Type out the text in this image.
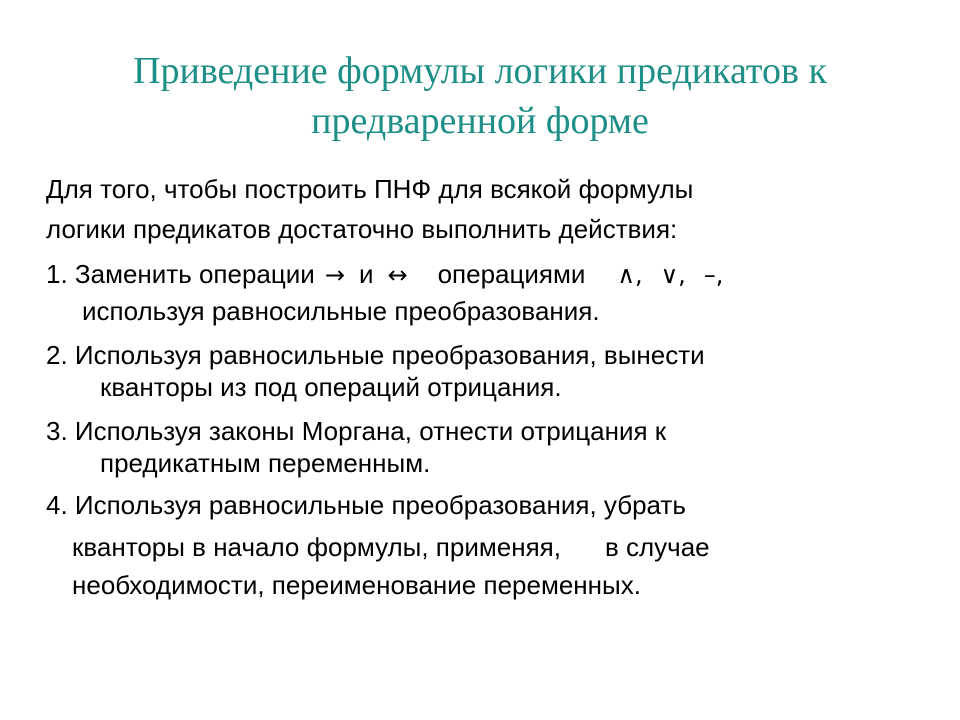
Приведение формулы логики предикатов к
предваренной форме
Для того, чтобы построить ПНФ для всякой формулы
логики предикатов достаточно выполнить действия:
1. Заменить операции → и ↔ операциями ∧, ∨, –,
используя равносильные преобразования.
2. Используя равносильные преобразования, вынести
кванторы из под операций отрицания.
3. Используя законы Моргана, отнести отрицания к
предикатным переменным.
4. Используя равносильные преобразования, убрать
кванторы в начало формулы, применяя, в случае
необходимости, переименование переменных.
